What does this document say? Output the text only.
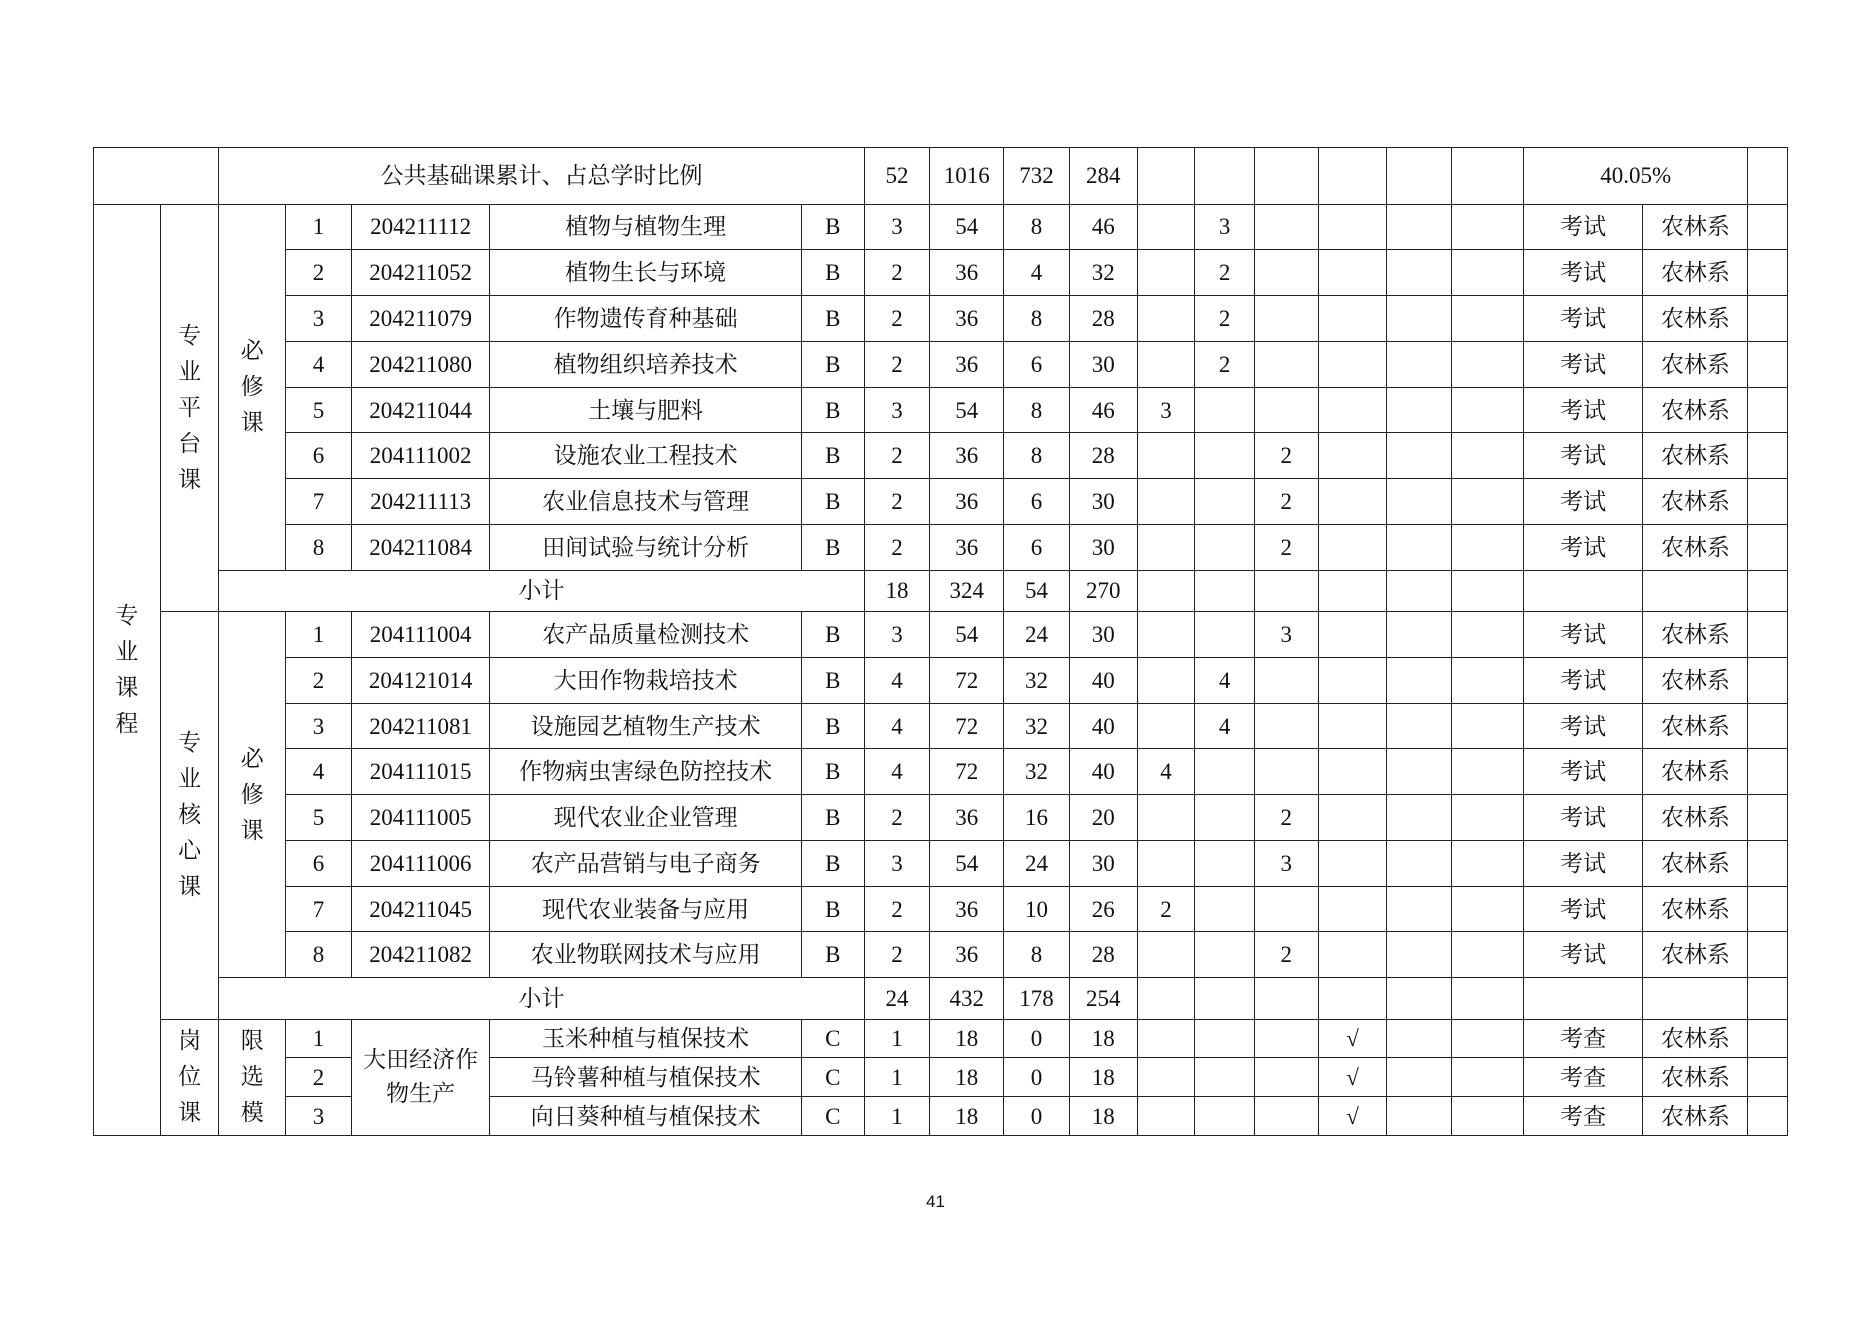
		公共基础课累计、占总学时比例					52	1016	732	284							40.05%		

专业课程	专业平台课	必修课	1	204211112	植物与植物生理	B	3	54	8	46		3					考试	农林系	
			2	204211052	植物生长与环境	B	2	36	4	32		2					考试	农林系	
			3	204211079	作物遗传育种基础	B	2	36	8	28		2					考试	农林系	
			4	204211080	植物组织培养技术	B	2	36	6	30		2					考试	农林系	
			5	204211044	土壤与肥料	B	3	54	8	46	3						考试	农林系	
			6	204111002	设施农业工程技术	B	2	36	8	28			2				考试	农林系	
			7	204211113	农业信息技术与管理	B	2	36	6	30			2				考试	农林系	
			8	204211084	田间试验与统计分析	B	2	36	6	30			2				考试	农林系	
		小计					18	324	54	270									

	专业核心课	必修课	1	204111004	农产品质量检测技术	B	3	54	24	30			3				考试	农林系	
			2	204121014	大田作物栽培技术	B	4	72	32	40		4					考试	农林系	
			3	204211081	设施园艺植物生产技术	B	4	72	32	40		4					考试	农林系	
			4	204111015	作物病虫害绿色防控技术	B	4	72	32	40	4						考试	农林系	
			5	204111005	现代农业企业管理	B	2	36	16	20			2				考试	农林系	
			6	204111006	农产品营销与电子商务	B	3	54	24	30			3				考试	农林系	
			7	204211045	现代农业装备与应用	B	2	36	10	26	2						考试	农林系	
			8	204211082	农业物联网技术与应用	B	2	36	8	28			2				考试	农林系	
		小计					24	432	178	254									

	岗位课	限选模	1	大田经济作物生产	玉米种植与植保技术	C	1	18	0	18				√			考查	农林系	
			2		马铃薯种植与植保技术	C	1	18	0	18				√			考查	农林系	
			3		向日葵种植与植保技术	C	1	18	0	18				√			考查	农林系	
41
